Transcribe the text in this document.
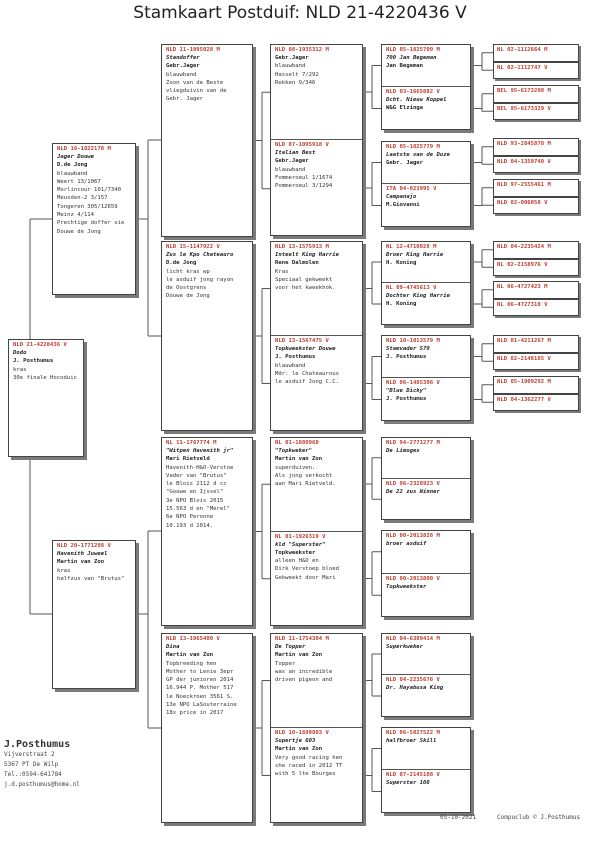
Stamkaart Postduif: NLD 21-4220436 V
NLD 21-4220436 V
Dodo
J. Posthumus
kras
30e finale Hocoduic
NLD 16-1822178 M
Jager Douwe
D.de Jong
blauwband
Weert 13/1067
Morlincour 101/7340
Meusden-2 3/157
Tongeren 305/12659
Meinz 4/114
Prechtige doffer vie
Douwe de Jong
NLD 20-1771298 V
Havenith Juweel
Martin van Zon
kras
halfzus van "Brutus"
NLD 11-1095028 M
Standoffer
Gebr.Jager
blauwband
Zoon van de Beste
vliegduivin van de
Gebr. Jager
NLD 15-1147922 V
Zus le Kpo Chateauro
D.de Jong
licht kras wp
le asduif jong rayon
de Oostgrens
Douwe de Jong
NL 11-1767774 M
"Witpen Havenith jr"
Mari Rietveld
Havenith-H&O-Verstoe
Vader van "Brutus"
le Blois 2112 d cc
"Gouwe en Ijssel"
3e NPO Blois 2015
15.563 d en "Merel"
6e NPO Peronne
10.193 d 2014.
NLD 13-1965400 V
Dina
Martin van Zon
Topbreeding hen
Mother to Lenie 3epr
GP der junioren 2014
16.944 P. Mother 517
le Noeckroen 3561 S.
13e NPO LaSouterraine
18x price in 2017
NLD 08-1935312 M
Gebr.Jager
blauwband
Hasselt 7/292
Rekken 9/346
NLD 07-1095918 V
Italian Best
Gebr.Jager
blauwband
Fommeroeul 1/1674
Pommeroeul 3/1294
NLD 13-1575913 M
Inteelt King Harrie
Rene Dalmolen
Kras
Speciaal gekweekt
voor het kweekhok.
NLD 13-1567475 V
Topkweekster Douwe
J. Posthumus
blauwband
Mdr: le Chateauroux
le asduif Jong C.C.
NL 01-1889968
"Topkweker"
Martin van Zon
superduiven.
Als jong verkocht
aan Mari Rietveld.
NL 01-1926319 V
kld "Superster"
Topkweekster
alleen H&O en
Dirk Verstoep bloed
Gekweekt door Mari
NLD 11-1754304 M
De Topper
Martin van Zon
Topper
was an incredible
driven pigeon and
NLD 10-1699803 V
Supertje 603
Martin van Zon
Very good racing hen
she raced in 2012 TT
with 5 lte Bourges
NLD 05-1825700 M
700 Jan Begeman
Jan Begeman
NLD 03-1665082 V
Dcht. Nieuw Koppel
W&G Elzinga
NLD 05-1825779 M
Laatste van de Duze
Gebr. Jager
ITA 04-023995 V
Campanajo
M.Giovanni
NL 12-4710028 M
Broer King Harrie
H. Koning
NL 09-4745613 V
Dochter King Harrie
H. Koning
NLD 10-1013579 M
Stamvader 579
J. Posthumus
NLD 06-1485396 V
"Blue Dicky"
J. Posthumus
NLD 94-2771277 M
De Limoges
NLD 96-2328923 V
De 22 zus Winner
NLD 00-2013828 M
broer asduif
NLD 00-2013800 V
Topkweekster
NLD 04-6389414 M
Superkweker
NLD 04-2235676 V
Dr. Hayabusa King
NLD 06-5827522 M
halfbroer Skill
NLD 07-2145108 V
Superster 108
NL 02-1112664 M
NL 02-1112747 V
BEL 95-6173298 M
BEL 95-6173329 V
NLD 93-2845878 M
NLD 04-1359740 V
NLD 97-2555461 M
NLD 02-006058 V
NLD 04-2235424 M
NL 02-2158976 V
NL 06-4727423 M
NL 06-4727310 V
NLD 01-4211267 M
NLD 02-2148185 V
NLD 05-1909292 M
NLD 04-1362277 V
J.Posthumus
Vijverstraat 2
5367 PT De Wilp
Tel.:0594-641784
j.d.posthumus@home.nl
05-10-2021	Compuclub © J.Posthumus
